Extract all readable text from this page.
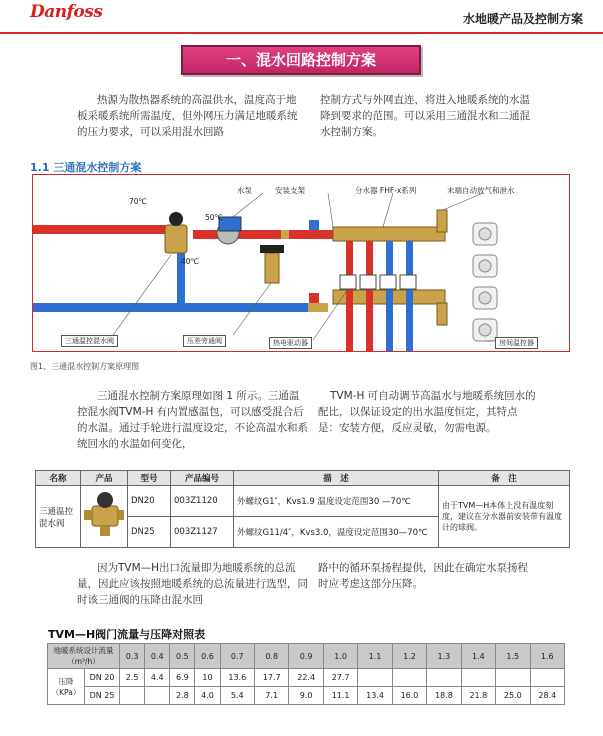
Danfoss	水地暖产品及控制方案
一、混水回路控制方案
热源为散热器系统的高温供水，温度高于地板采暖系统所需温度，但外网压力满足地暖系统的压力要求，可以采用混水回路
控制方式与外网直连，将进入地暖系统的水温降到要求的范围。可以采用三通混水和二通混水控制方案。
1.1 三通混水控制方案
70℃
50℃
40℃
水泵	安装支架	分水器 FHF-x系列	末端自动放气和泄水
三通温控混水阀	压差旁通阀	热电驱动器	房间温控器
图1、三通混水控制方案原理图
三通混水控制方案原理如图 1 所示。三通温控混水阀TVM-H 有内置感温包，可以感受混合后的水温。通过手轮进行温度设定，不论高温水和系统回水的水温如何变化，
TVM-H 可自动调节高温水与地暖系统回水的配比，以保证设定的出水温度恒定，其特点是：安装方便，反应灵敏，勿需电源。
名称	产品	型号	产品编号	描　述	备　注
三通温控混水阀		DN20	003Z1120	外螺纹G1″，Kvs1.9 温度设定范围30 —70℃	由于TVM—H本体上没有温度刻度，建议在分水器前安装带有温度计的球阀。
		DN25	003Z1127	外螺纹G11/4″，Kvs3.0，温度设定范围30—70℃	
因为TVM—H出口流量即为地暖系统的总流量，因此应该按照地暖系统的总流量进行选型，同时该三通阀的压降由混水回
路中的循环泵扬程提供，因此在确定水泵扬程时应考虑这部分压降。
TVM—H阀门流量与压降对照表
地暖系统设计流量（m³/h）		0.3	0.4	0.5	0.6	0.7	0.8	0.9	1.0	1.1	1.2	1.3	1.4	1.5	1.6
压降（KPa）	DN 20	2.5	4.4	6.9	10	13.6	17.7	22.4	27.7						
	DN 25			2.8	4.0	5.4	7.1	9.0	11.1	13.4	16.0	18.8	21.8	25.0	28.4
